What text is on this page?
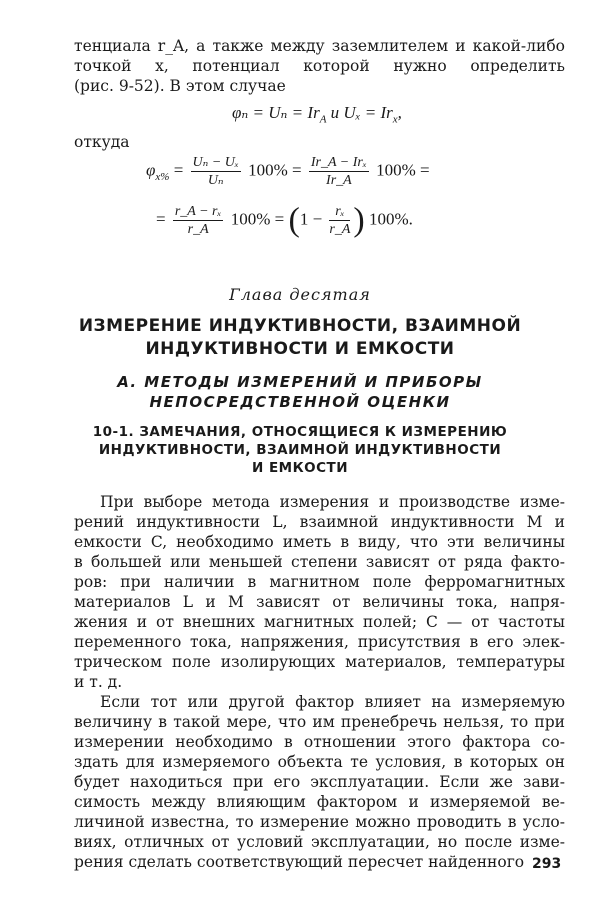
тенциала r_A, а также между заземлителем и какой-либо
точкой x, потенциал которой нужно определить
(рис. 9-52). В этом случае
$\varphi_n = U_n = Ir_A$ и $U_x = Ir_x$,
откуда
$\varphi_{x\%} = \frac{\text{Uₙ − Uₓ}}{\text{Uₙ}} 100\% = \frac{\text{Ir\_A − Irₓ}}{Ir\_A} 100\%$ =
= $\frac{\text{r\_A − rₓ}}{r\_A} 100\% = (1 - \frac{\text{rₓ}}{r\_A}$ ) 100%.
Глава десятая
ИЗМЕРЕНИЕ ИНДУКТИВНОСТИ, ВЗАИМНОЙ
ИНДУКТИВНОСТИ И ЕМКОСТИ
А. МЕТОДЫ ИЗМЕРЕНИЙ И ПРИБОРЫ
НЕПОСРЕДСТВЕННОЙ ОЦЕНКИ
10-1. ЗАМЕЧАНИЯ, ОТНОСЯЩИЕСЯ К ИЗМЕРЕНИЮ
ИНДУКТИВНОСТИ, ВЗАИМНОЙ ИНДУКТИВНОСТИ
И ЕМКОСТИ
При выборе метода измерения и производстве изме-
рений индуктивности L, взаимной индуктивности M и
емкости C, необходимо иметь в виду, что эти величины
в большей или меньшей степени зависят от ряда факто-
ров: при наличии в магнитном поле ферромагнитных
материалов L и M зависят от величины тока, напря-
жения и от внешних магнитных полей; C — от частоты
переменного тока, напряжения, присутствия в его элек-
трическом поле изолирующих материалов, температуры
и т. д.
Если тот или другой фактор влияет на измеряемую
величину в такой мере, что им пренебречь нельзя, то при
измерении необходимо в отношении этого фактора со-
здать для измеряемого объекта те условия, в которых он
будет находиться при его эксплуатации. Если же зави-
симость между влияющим фактором и измеряемой ве-
личиной известна, то измерение можно проводить в усло-
виях, отличных от условий эксплуатации, но после изме-
рения сделать соответствующий пересчет найденного 293
